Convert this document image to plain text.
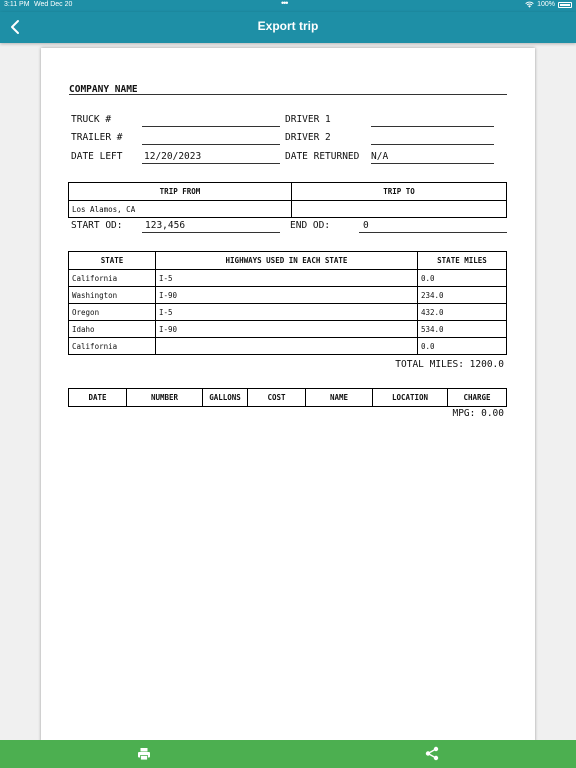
3:11 PM Wed Dec 20	•••	100%
Export trip
COMPANY NAME
TRUCK #	DRIVER 1
TRAILER #	DRIVER 2
DATE LEFT 12/20/2023	DATE RETURNED N/A
TRIP FROM	TRIP TO
Los Alamos, CA	
START OD: 123,456	END OD:	0
STATE	HIGHWAYS USED IN EACH STATE	STATE MILES
California	I-5	0.0
Washington	I-90	234.0
Oregon	I-5	432.0
Idaho	I-90	534.0
California		0.0
TOTAL MILES: 1200.0
DATE	NUMBER	GALLONS	COST	NAME	LOCATION	CHARGE
MPG: 0.00
